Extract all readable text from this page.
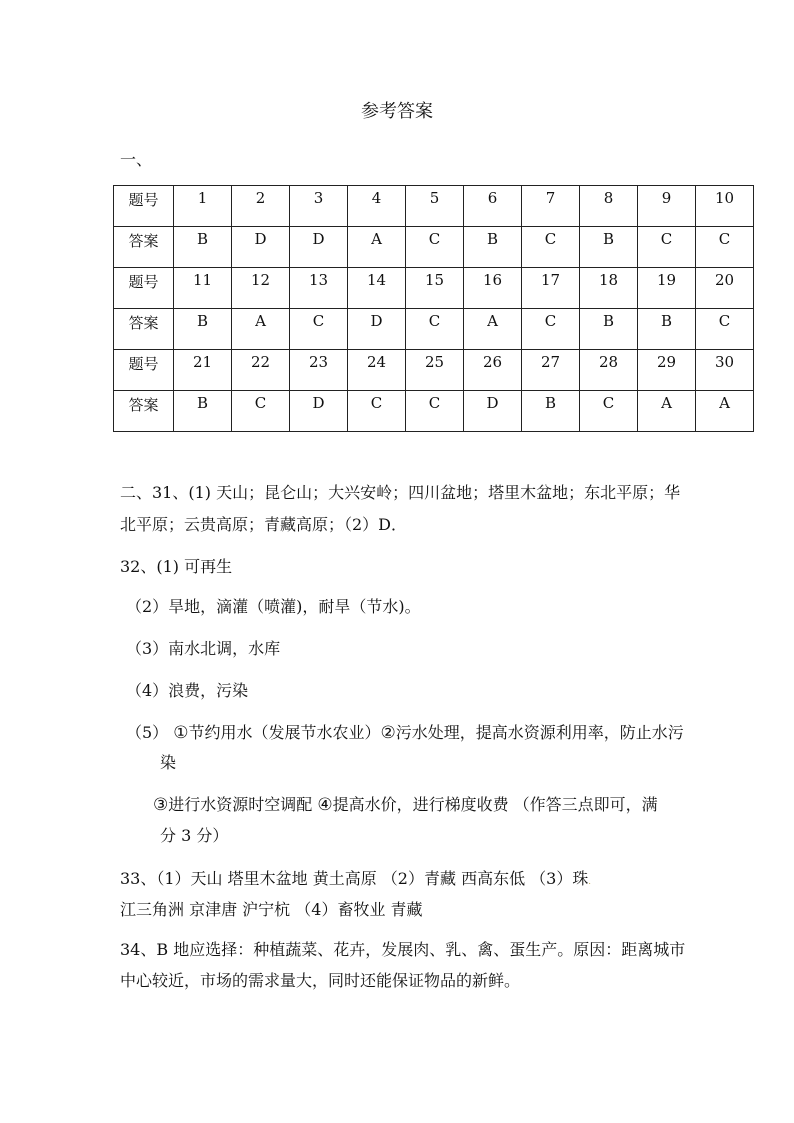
参考答案
一、
题号	1	2	3	4	5	6	7	8	9	10
答案	B	D	D	A	C	B	C	B	C	C
题号	11	12	13	14	15	16	17	18	19	20
答案	B	A	C	D	C	A	C	B	B	C
题号	21	22	23	24	25	26	27	28	29	30
答案	B	C	D	C	C	D	B	C	A	A
二、31、(1) 天山；昆仑山；大兴安岭；四川盆地；塔里木盆地；东北平原；华
北平原；云贵高原；青藏高原；（2）D．
32、(1) 可再生
（2）旱地，滴灌（喷灌)，耐旱（节水)。
（3）南水北调，水库
（4）浪费，污染
（5） ①节约用水（发展节水农业）②污水处理，提高水资源利用率，防止水污
染
③进行水资源时空调配 ④提高水价，进行梯度收费 （作答三点即可，满
分 3 分）
33、（1）天山 塔里木盆地 黄土高原 （2）青藏 西高东低 （3）珠.
江三角洲 京津唐 沪宁杭 （4）畜牧业 青藏
34、B 地应选择：种植蔬菜、花卉，发展肉、乳、禽、蛋生产。原因：距离城市
中心较近，市场的需求量大，同时还能保证物品的新鲜。
